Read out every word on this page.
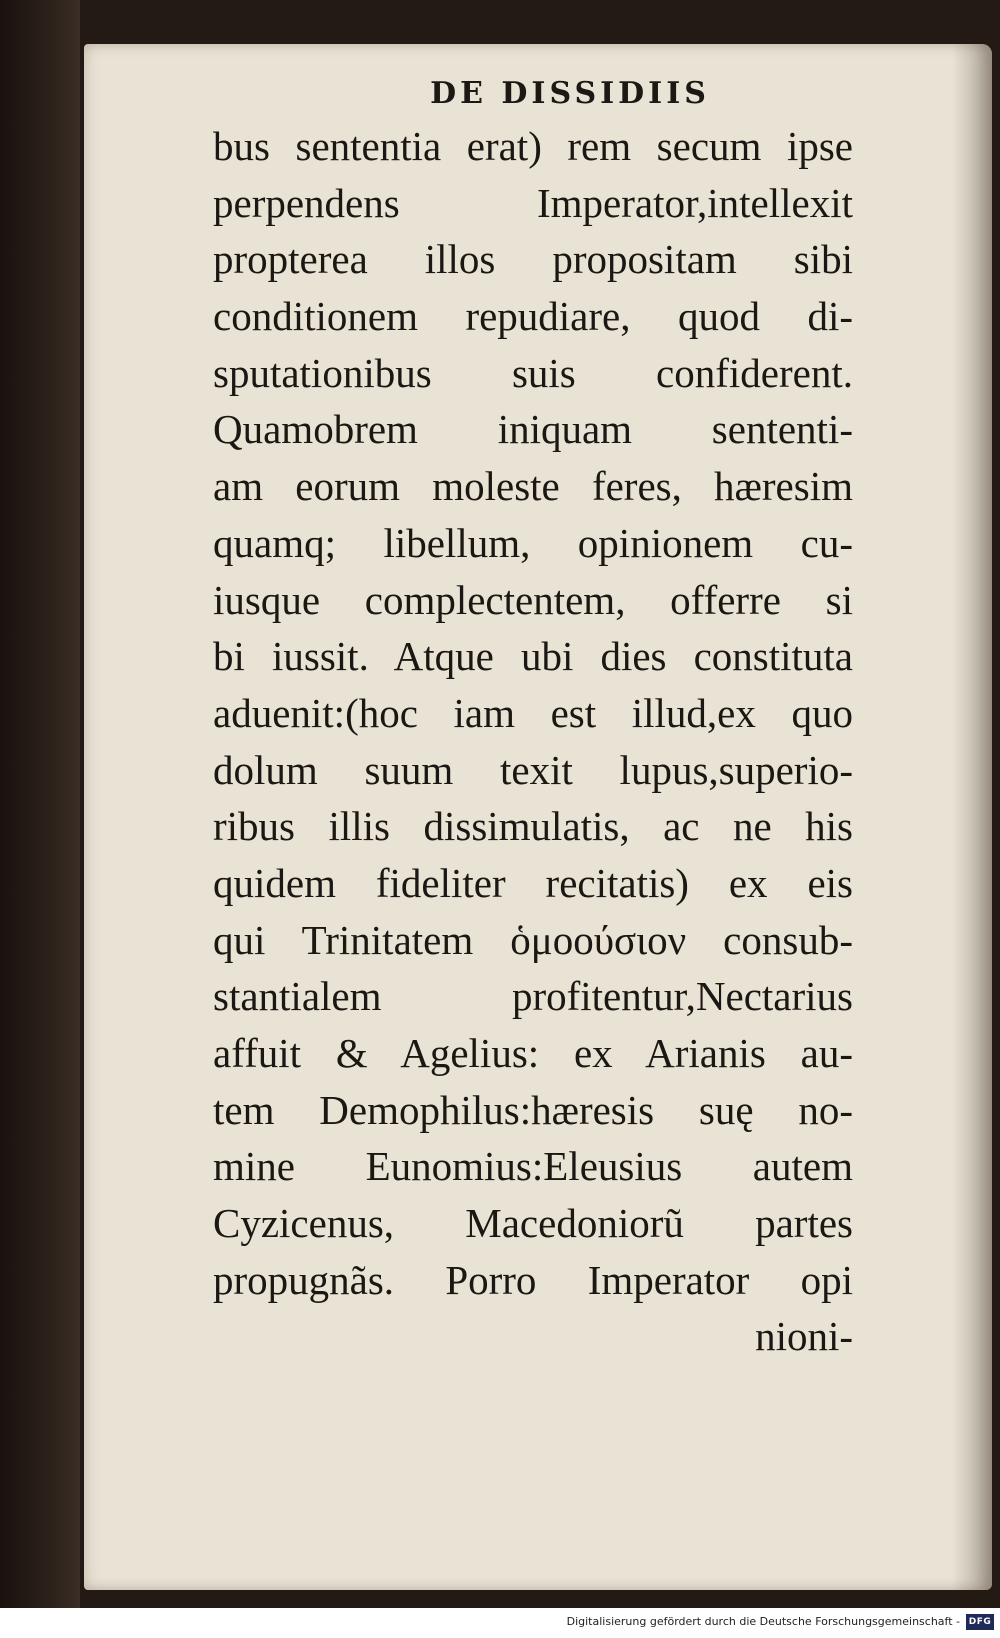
DE DISSIDIIS
bus sententia erat) rem secum ipse
perpendens Imperator,intellexit
propterea illos propositam sibi
conditionem repudiare, quod di-
sputationibus suis confiderent.
Quamobrem iniquam sententi-
am eorum moleste feres, hæresim
quamq; libellum, opinionem cu-
iusque complectentem, offerre si
bi iussit. Atque ubi dies constituta
aduenit:(hoc iam est illud,ex quo
dolum suum texit lupus,superio-
ribus illis dissimulatis, ac ne his
quidem fideliter recitatis) ex eis
qui Trinitatem ὁμοούσιον consub-
stantialem profitentur,Nectarius
affuit & Agelius: ex Arianis au-
tem Demophilus:hæresis suę no-
mine Eunomius:Eleusius autem
Cyzicenus, Macedoniorũ partes
propugnãs. Porro Imperator opi
nioni-
Digitalisierung gefördert durch die Deutsche Forschungsgemeinschaft - DFG
